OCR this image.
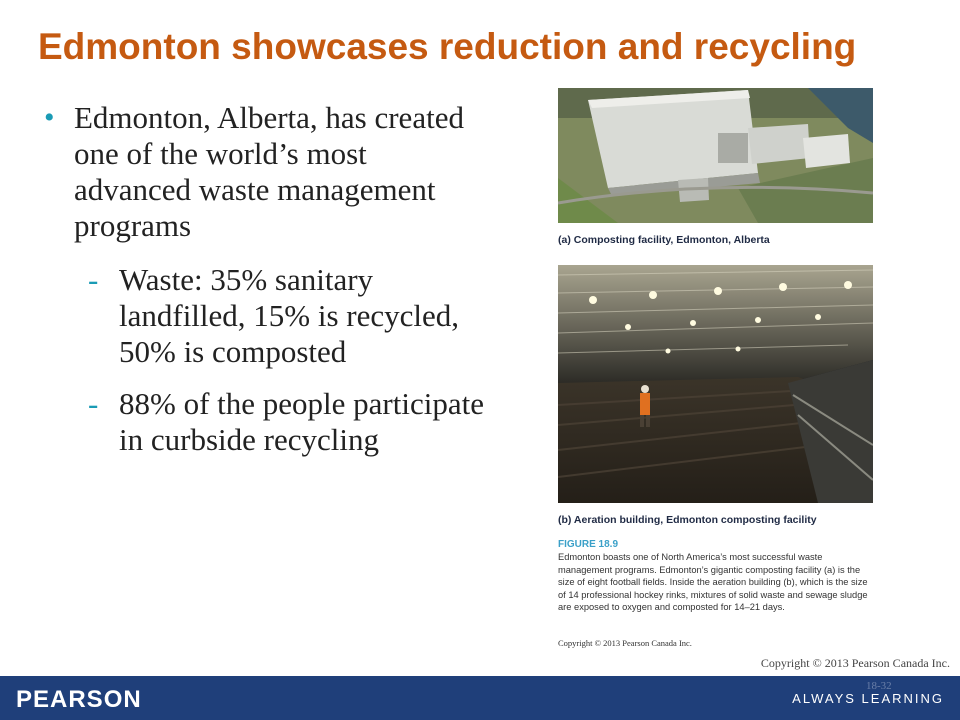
Edmonton showcases reduction and recycling
• Edmonton, Alberta, has created one of the world’s most advanced waste management programs
- Waste: 35% sanitary landfilled, 15% is recycled, 50% is composted
- 88% of the people participate in curbside recycling
(a) Composting facility, Edmonton, Alberta
(b) Aeration building, Edmonton composting facility
FIGURE 18.9
Edmonton boasts one of North America’s most successful waste management programs. Edmonton’s gigantic composting facility (a) is the size of eight football fields. Inside the aeration building (b), which is the size of 14 professional hockey rinks, mixtures of solid waste and sewage sludge are exposed to oxygen and composted for 14–21 days.
Copyright © 2013 Pearson Canada Inc.
Copyright © 2013 Pearson Canada Inc.
PEARSON	18-32
ALWAYS LEARNING
